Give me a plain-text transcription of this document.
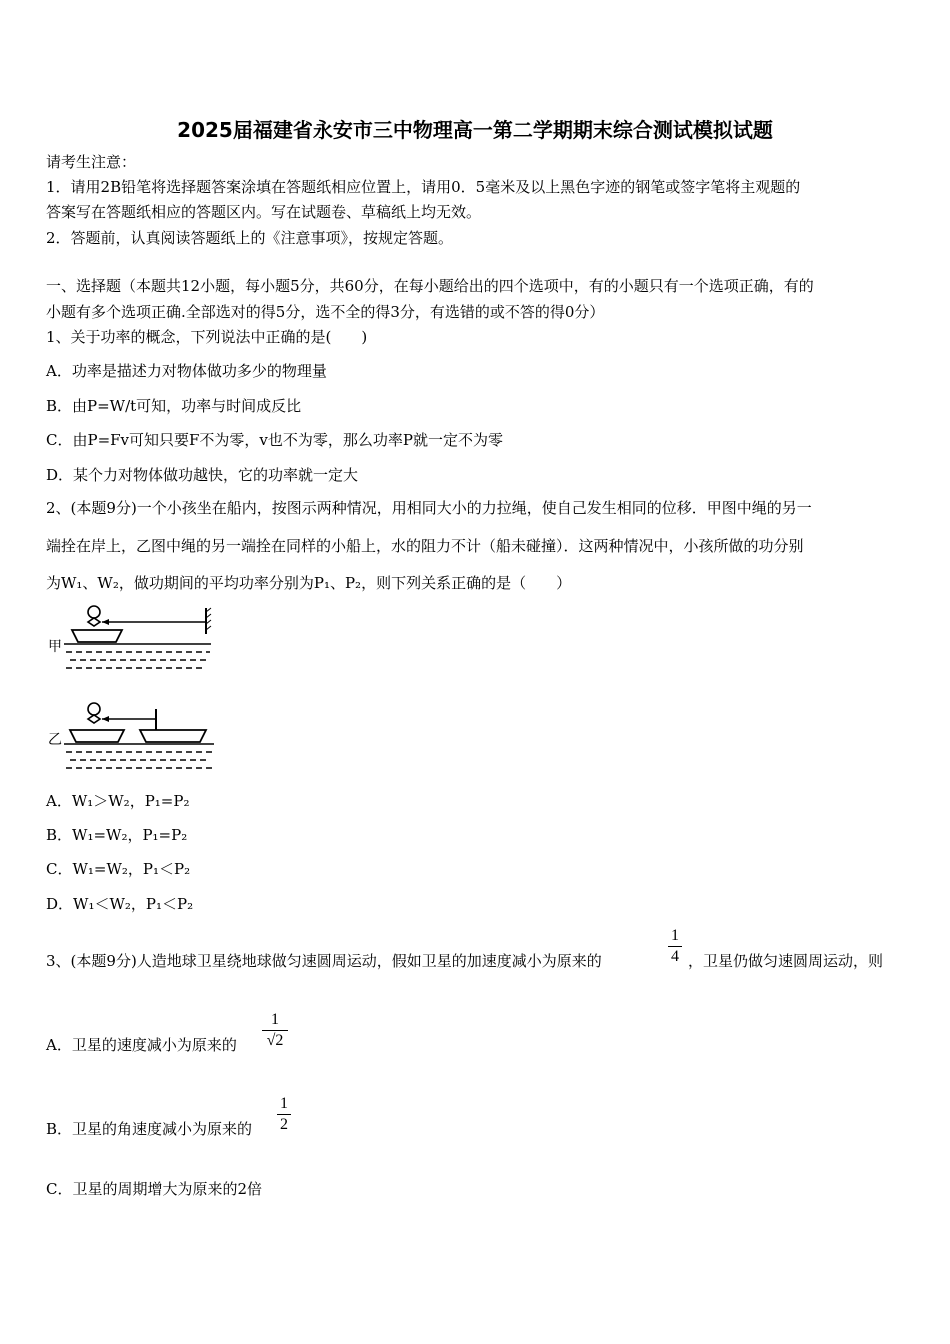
2025届福建省永安市三中物理高一第二学期期末综合测试模拟试题
请考生注意：
1．请用2B铅笔将选择题答案涂填在答题纸相应位置上，请用0．5毫米及以上黑色字迹的钢笔或签字笔将主观题的
答案写在答题纸相应的答题区内。写在试题卷、草稿纸上均无效。
2．答题前，认真阅读答题纸上的《注意事项》，按规定答题。
一、选择题（本题共12小题，每小题5分，共60分，在每小题给出的四个选项中，有的小题只有一个选项正确，有的
小题有多个选项正确.全部选对的得5分，选不全的得3分，有选错的或不答的得0分）
1、关于功率的概念，下列说法中正确的是(　　)
A．功率是描述力对物体做功多少的物理量
B．由P=W/t可知，功率与时间成反比
C．由P=Fv可知只要F不为零，v也不为零，那么功率P就一定不为零
D．某个力对物体做功越快，它的功率就一定大
2、(本题9分)一个小孩坐在船内，按图示两种情况，用相同大小的力拉绳，使自己发生相同的位移．甲图中绳的另一
端拴在岸上，乙图中绳的另一端拴在同样的小船上，水的阻力不计（船未碰撞）．这两种情况中，小孩所做的功分别
为W₁、W₂，做功期间的平均功率分别为P₁、P₂，则下列关系正确的是（　　）
甲
乙
A．W₁＞W₂，P₁=P₂
B．W₁=W₂，P₁=P₂
C．W₁=W₂，P₁＜P₂
D．W₁＜W₂，P₁＜P₂
3、(本题9分)人造地球卫星绕地球做匀速圆周运动，假如卫星的加速度减小为原来的
1
4 ，卫星仍做匀速圆周运动，则
A．卫星的速度减小为原来的
1
√2
B．卫星的角速度减小为原来的
1
2
C．卫星的周期增大为原来的2倍
